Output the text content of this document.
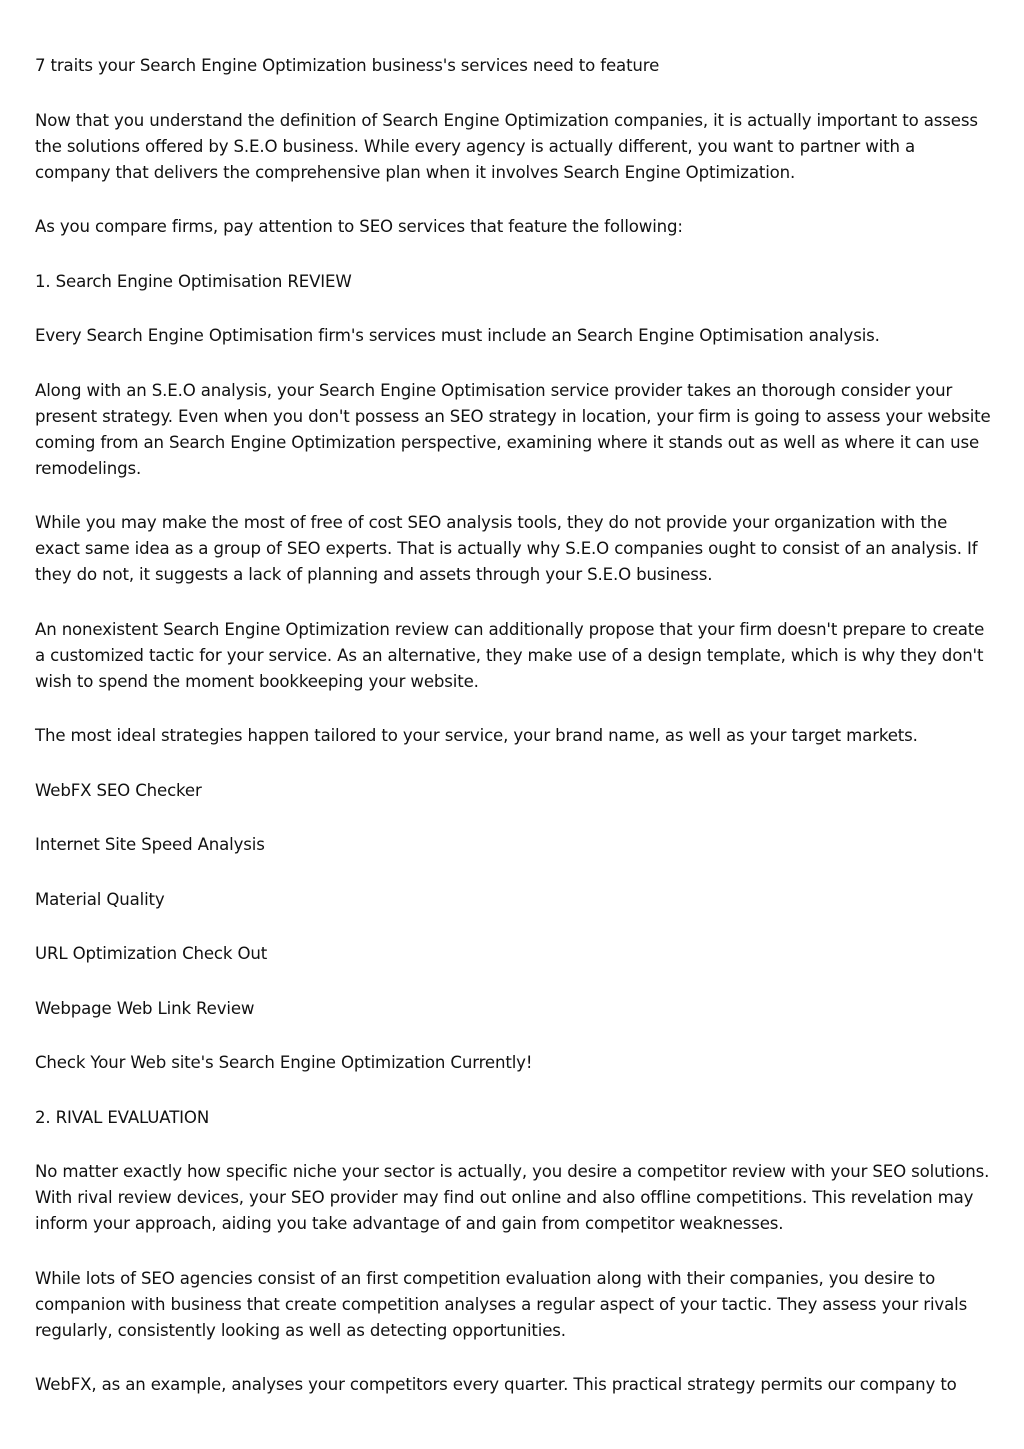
7 traits your Search Engine Optimization business's services need to feature

Now that you understand the definition of Search Engine Optimization companies, it is actually important to assess the solutions offered by S.E.O business. While every agency is actually different, you want to partner with a company that delivers the comprehensive plan when it involves Search Engine Optimization.

As you compare firms, pay attention to SEO services that feature the following:

1. Search Engine Optimisation REVIEW

Every Search Engine Optimisation firm's services must include an Search Engine Optimisation analysis.

Along with an S.E.O analysis, your Search Engine Optimisation service provider takes an thorough consider your present strategy. Even when you don't possess an SEO strategy in location, your firm is going to assess your website coming from an Search Engine Optimization perspective, examining where it stands out as well as where it can use remodelings.

While you may make the most of free of cost SEO analysis tools, they do not provide your organization with the exact same idea as a group of SEO experts. That is actually why S.E.O companies ought to consist of an analysis. If they do not, it suggests a lack of planning and assets through your S.E.O business.

An nonexistent Search Engine Optimization review can additionally propose that your firm doesn't prepare to create a customized tactic for your service. As an alternative, they make use of a design template, which is why they don't wish to spend the moment bookkeeping your website.

The most ideal strategies happen tailored to your service, your brand name, as well as your target markets.

WebFX SEO Checker

Internet Site Speed Analysis

Material Quality

URL Optimization Check Out

Webpage Web Link Review

Check Your Web site's Search Engine Optimization Currently!

2. RIVAL EVALUATION

No matter exactly how specific niche your sector is actually, you desire a competitor review with your SEO solutions. With rival review devices, your SEO provider may find out online and also offline competitions. This revelation may inform your approach, aiding you take advantage of and gain from competitor weaknesses.

While lots of SEO agencies consist of an first competition evaluation along with their companies, you desire to companion with business that create competition analyses a regular aspect of your tactic. They assess your rivals regularly, consistently looking as well as detecting opportunities.

WebFX, as an example, analyses your competitors every quarter. This practical strategy permits our company to
